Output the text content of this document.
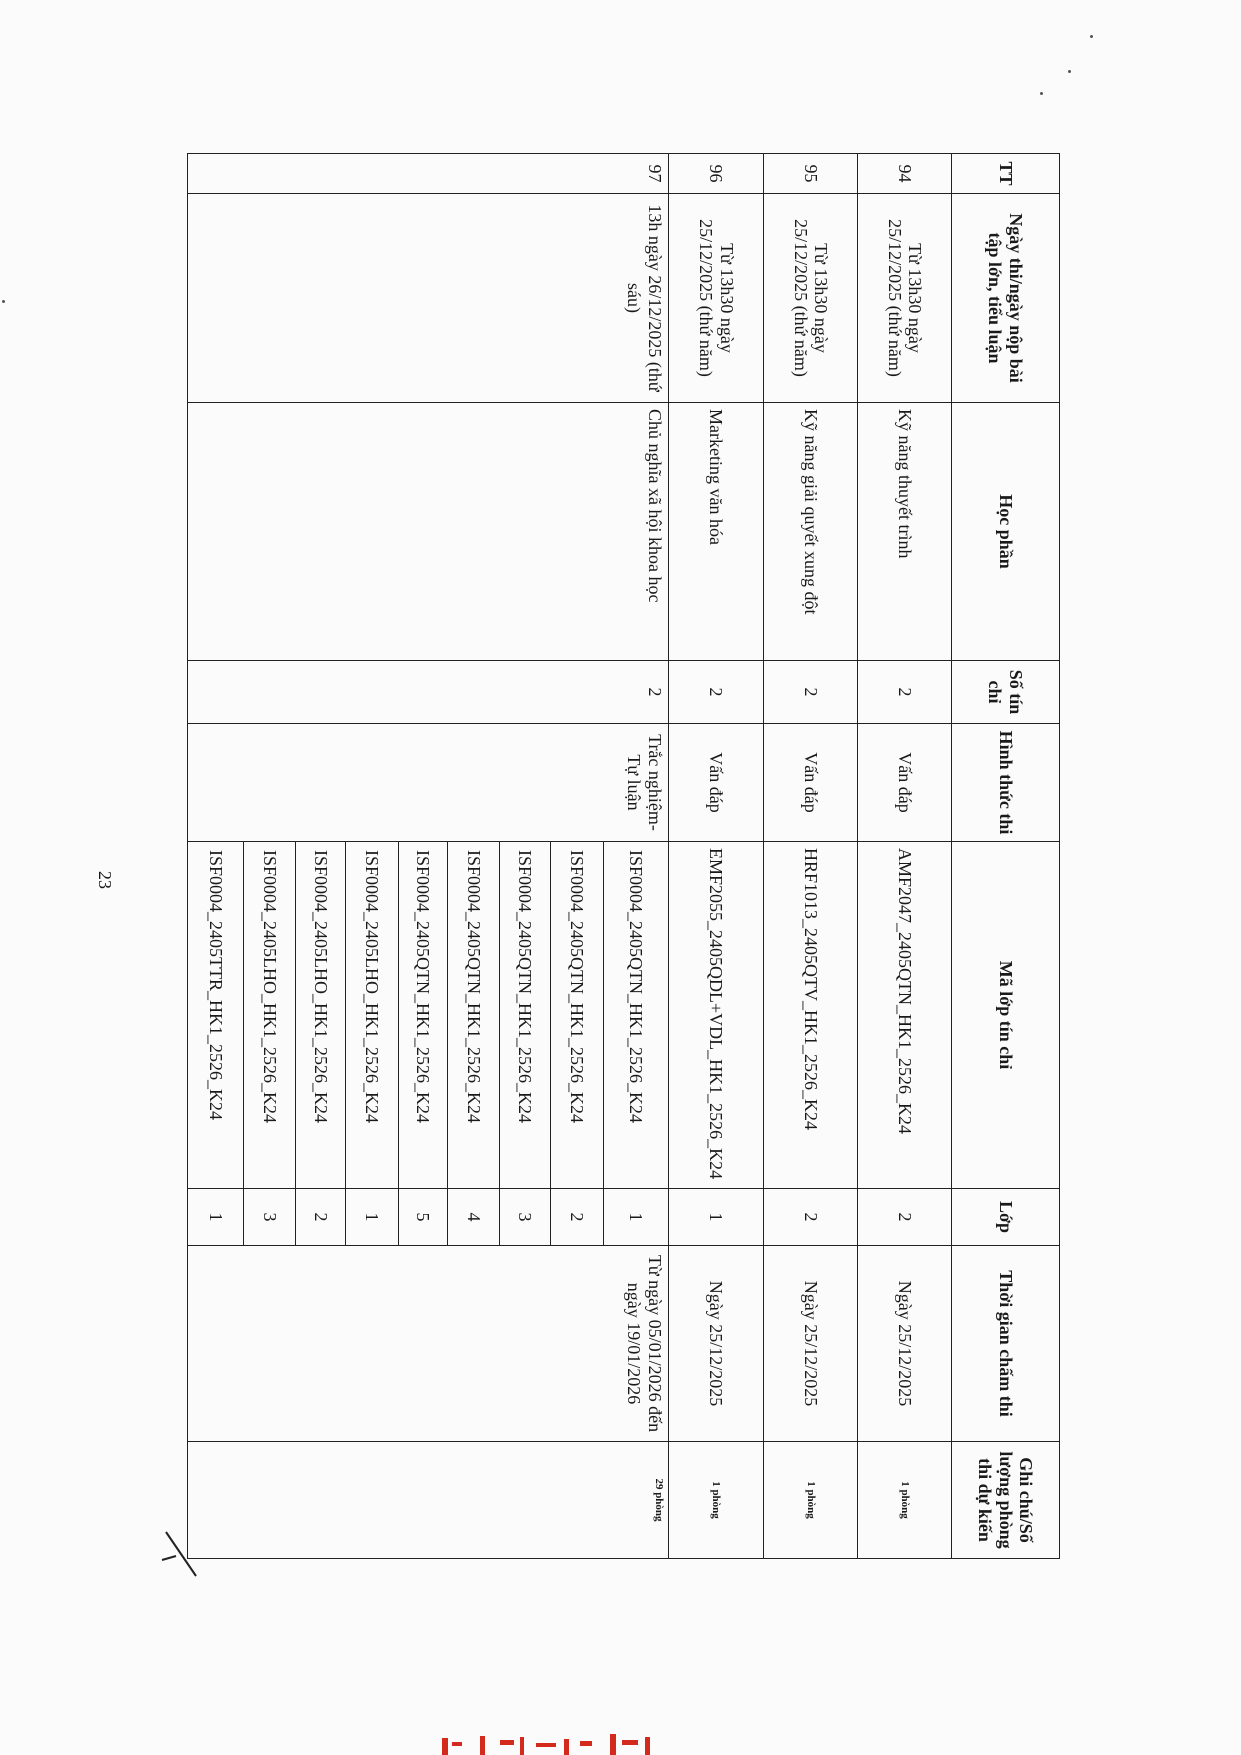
TT	Ngày thi/ngày nộp bài tập lớn, tiểu luận	Học phần	Số tín chỉ	Hình thức thi	Mã lớp tín chỉ	Lớp	Thời gian chấm thi	Ghi chú/Số lượng phòng thi dự kiến
94	Từ 13h30 ngày 25/12/2025 (thứ năm)	Kỹ năng thuyết trình	2	Vấn đáp	AMF2047_2405QTN_HK1_2526_K24	2	Ngày 25/12/2025	1 phòng
95	Từ 13h30 ngày 25/12/2025 (thứ năm)	Kỹ năng giải quyết xung đột	2	Vấn đáp	HRF1013_2405QTV_HK1_2526_K24	2	Ngày 25/12/2025	1 phòng
96	Từ 13h30 ngày 25/12/2025 (thứ năm)	Marketing văn hóa	2	Vấn đáp	EMF2055_2405QDL+VDL_HK1_2526_K24	1	Ngày 25/12/2025	1 phòng
97	13h ngày 26/12/2025 (thứ sáu)	Chủ nghĩa xã hội khoa học	2	Trắc nghiệm-Tự luận	ISF0004_2405QTN_HK1_2526_K24	1	Từ ngày 05/01/2026 đến ngày 19/01/2026	29 phòng
					ISF0004_2405QTN_HK1_2526_K24	2		
					ISF0004_2405QTN_HK1_2526_K24	3		
					ISF0004_2405QTN_HK1_2526_K24	4		
					ISF0004_2405QTN_HK1_2526_K24	5		
					ISF0004_2405LHO_HK1_2526_K24	1		
					ISF0004_2405LHO_HK1_2526_K24	2		
					ISF0004_2405LHO_HK1_2526_K24	3		
					ISF0004_2405TTR_HK1_2526_K24	1		
23
